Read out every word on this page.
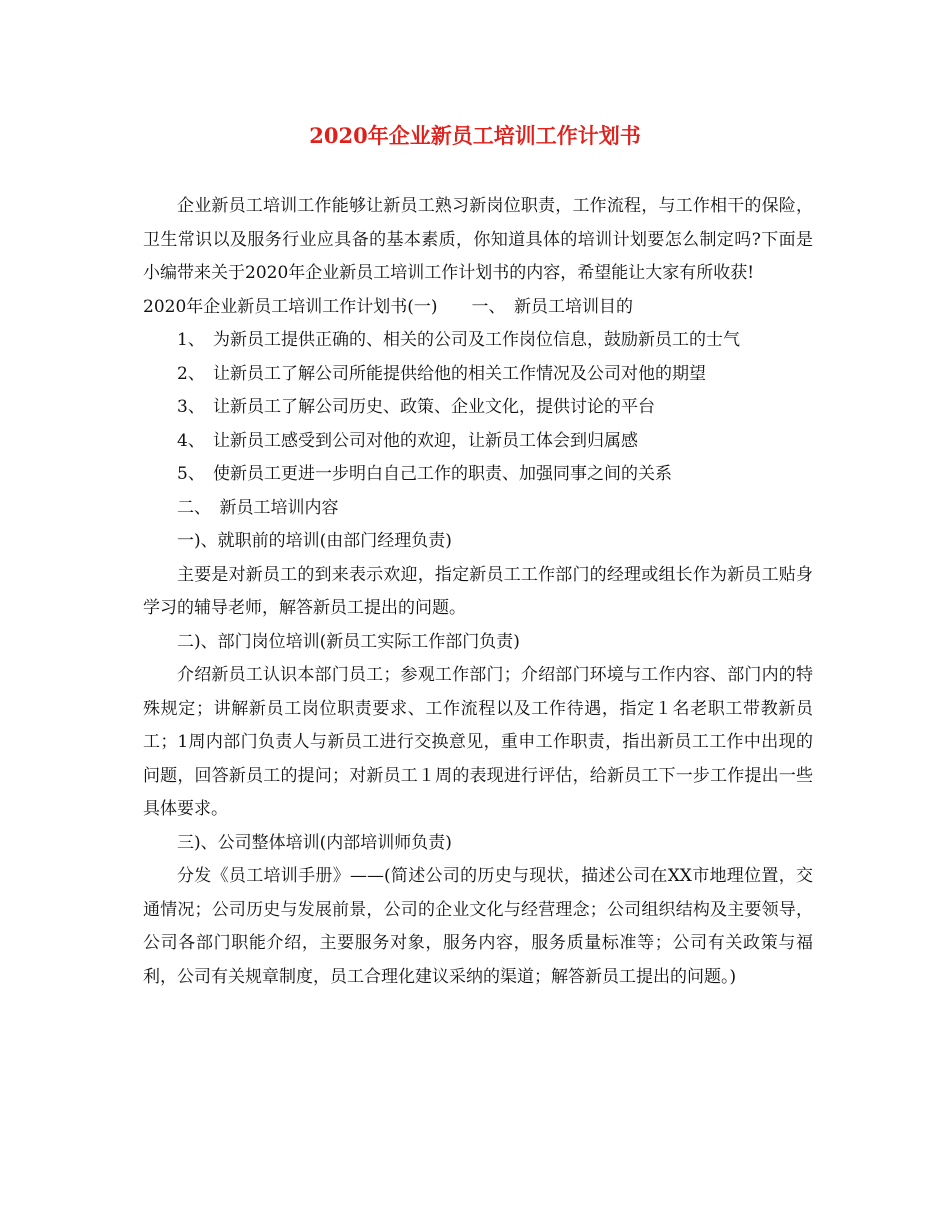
2020年企业新员工培训工作计划书

企业新员工培训工作能够让新员工熟习新岗位职责，工作流程，与工作相干的保险，卫生常识以及服务行业应具备的基本素质，你知道具体的培训计划要怎么制定吗?下面是小编带来关于2020年企业新员工培训工作计划书的内容，希望能让大家有所收获!

2020年企业新员工培训工作计划书(一)　　一、　新员工培训目的

1、 为新员工提供正确的、相关的公司及工作岗位信息，鼓励新员工的士气

2、 让新员工了解公司所能提供给他的相关工作情况及公司对他的期望

3、 让新员工了解公司历史、政策、企业文化，提供讨论的平台

4、 让新员工感受到公司对他的欢迎，让新员工体会到归属感

5、 使新员工更进一步明白自己工作的职责、加强同事之间的关系

二、　新员工培训内容

一)、就职前的培训(由部门经理负责)

主要是对新员工的到来表示欢迎，指定新员工工作部门的经理或组长作为新员工贴身学习的辅导老师，解答新员工提出的问题。

二)、部门岗位培训(新员工实际工作部门负责)

介绍新员工认识本部门员工；参观工作部门；介绍部门环境与工作内容、部门内的特殊规定；讲解新员工岗位职责要求、工作流程以及工作待遇，指定１名老职工带教新员工；1周内部门负责人与新员工进行交换意见，重申工作职责，指出新员工工作中出现的问题，回答新员工的提问；对新员工１周的表现进行评估，给新员工下一步工作提出一些具体要求。

三)、公司整体培训(内部培训师负责)

分发《员工培训手册》——(简述公司的历史与现状，描述公司在XX市地理位置，交通情况；公司历史与发展前景，公司的企业文化与经营理念；公司组织结构及主要领导，公司各部门职能介绍，主要服务对象，服务内容，服务质量标准等；公司有关政策与福利，公司有关规章制度，员工合理化建议采纳的渠道；解答新员工提出的问题。)
